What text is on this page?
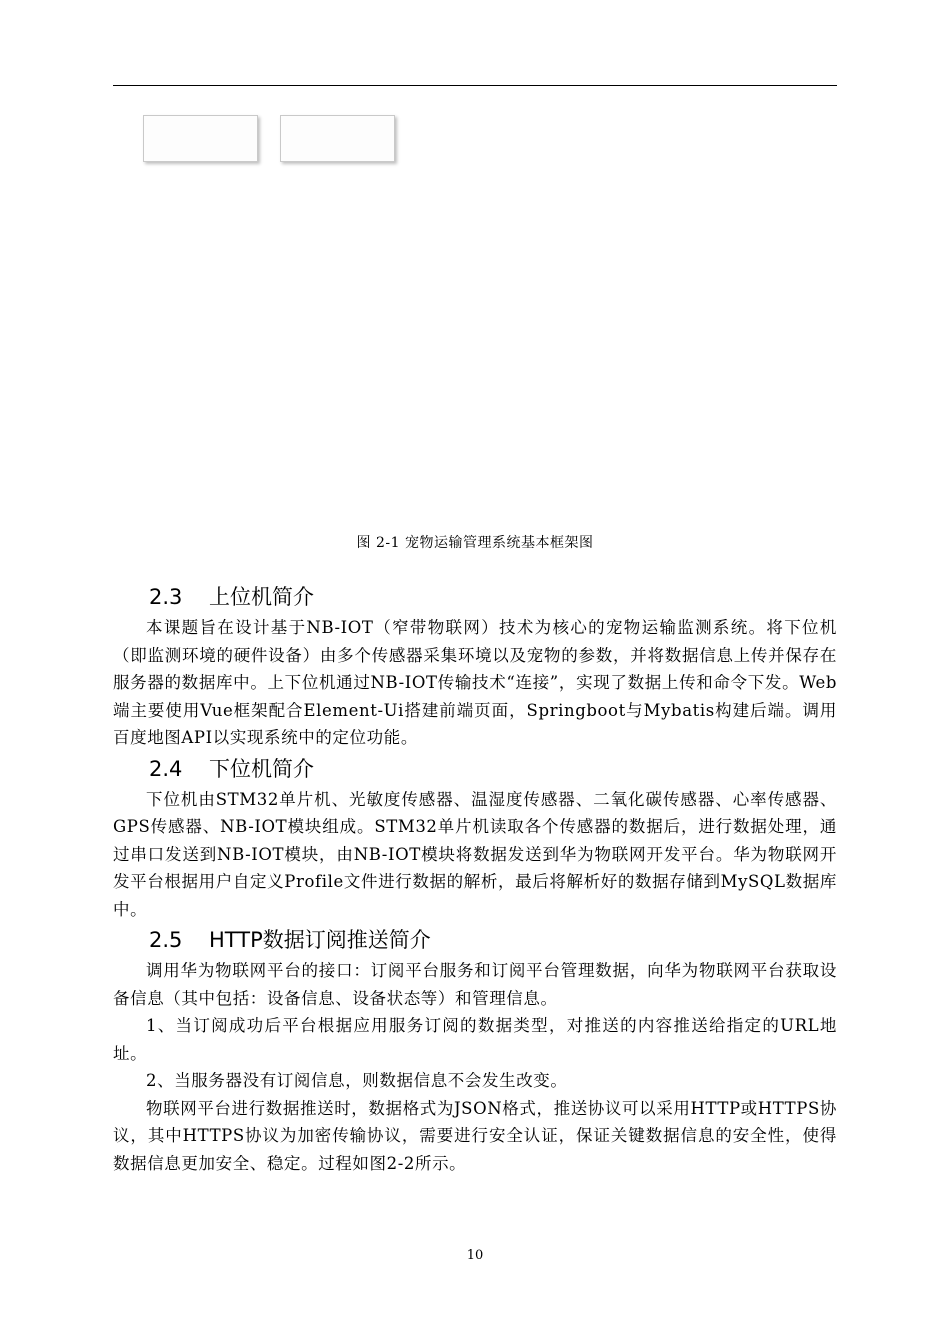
图 2-1 宠物运输管理系统基本框架图
2.3 上位机简介

本课题旨在设计基于NB-IOT（窄带物联网）技术为核心的宠物运输监测系统。将下位机（即监测环境的硬件设备）由多个传感器采集环境以及宠物的参数，并将数据信息上传并保存在服务器的数据库中。上下位机通过NB-IOT传输技术“连接”，实现了数据上传和命令下发。Web端主要使用Vue框架配合Element-Ui搭建前端页面，Springboot与Mybatis构建后端。调用百度地图API以实现系统中的定位功能。

2.4 下位机简介

下位机由STM32单片机、光敏度传感器、温湿度传感器、二氧化碳传感器、心率传感器、GPS传感器、NB-IOT模块组成。STM32单片机读取各个传感器的数据后，进行数据处理，通过串口发送到NB-IOT模块，由NB-IOT模块将数据发送到华为物联网开发平台。华为物联网开发平台根据用户自定义Profile文件进行数据的解析，最后将解析好的数据存储到MySQL数据库中。

2.5 HTTP数据订阅推送简介

调用华为物联网平台的接口：订阅平台服务和订阅平台管理数据，向华为物联网平台获取设备信息（其中包括：设备信息、设备状态等）和管理信息。

1、当订阅成功后平台根据应用服务订阅的数据类型，对推送的内容推送给指定的URL地址。

2、当服务器没有订阅信息，则数据信息不会发生改变。

物联网平台进行数据推送时，数据格式为JSON格式，推送协议可以采用HTTP或HTTPS协议，其中HTTPS协议为加密传输协议，需要进行安全认证，保证关键数据信息的安全性，使得数据信息更加安全、稳定。过程如图2-2所示。

10
